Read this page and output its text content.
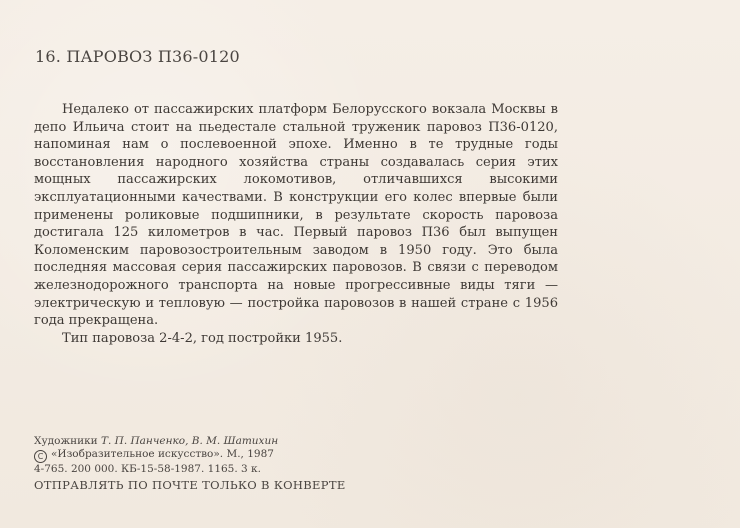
16. ПАРОВОЗ П36-0120

Недалеко от пассажирских платформ Белорусского вокзала Москвы в депо Ильича стоит на пьедестале стальной труженик паровоз П36-0120, напоминая нам о послевоенной эпохе. Именно в те трудные годы восстановления народного хозяйства страны создавалась серия этих мощных пассажирских локомотивов, отличавшихся высокими эксплуатационными качествами. В конструкции его колес впервые были применены роликовые подшипники, в результате скорость паровоза достигала 125 километров в час. Первый паровоз П36 был выпущен Коломенским паровозостроительным заводом в 1950 году. Это была последняя массовая серия пассажирских паровозов. В связи с переводом железнодорожного транспорта на новые прогрессивные виды тяги — электрическую и тепловую — постройка паровозов в нашей стране с 1956 года прекращена.

Тип паровоза 2-4-2, год постройки 1955.

Художники Т. П. Панченко, В. М. Шатихин
C «Изобразительное искусство». М., 1987
4-765. 200 000. КБ-15-58-1987. 1165. 3 к.
ОТПРАВЛЯТЬ ПО ПОЧТЕ ТОЛЬКО В КОНВЕРТЕ
